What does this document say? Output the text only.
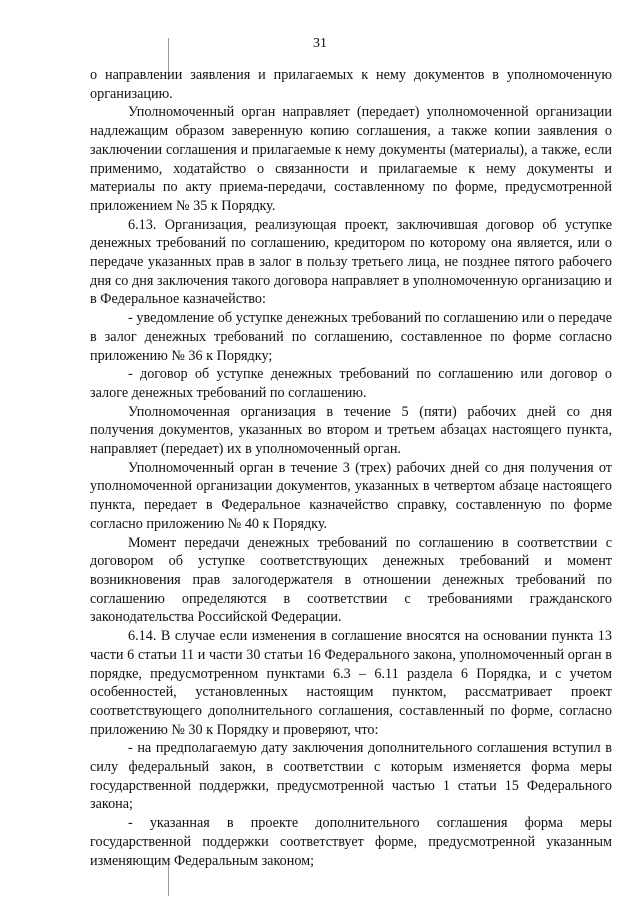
31

о направлении заявления и прилагаемых к нему документов в уполномоченную организацию.

Уполномоченный орган направляет (передает) уполномоченной организации надлежащим образом заверенную копию соглашения, а также копии заявления о заключении соглашения и прилагаемые к нему документы (материалы), а также, если применимо, ходатайство о связанности и прилагаемые к нему документы и материалы по акту приема-передачи, составленному по форме, предусмотренной приложением № 35 к Порядку.

6.13. Организация, реализующая проект, заключившая договор об уступке денежных требований по соглашению, кредитором по которому она является, или о передаче указанных прав в залог в пользу третьего лица, не позднее пятого рабочего дня со дня заключения такого договора направляет в уполномоченную организацию и в Федеральное казначейство:

- уведомление об уступке денежных требований по соглашению или о передаче в залог денежных требований по соглашению, составленное по форме согласно приложению № 36 к Порядку;

- договор об уступке денежных требований по соглашению или договор о залоге денежных требований по соглашению.

Уполномоченная организация в течение 5 (пяти) рабочих дней со дня получения документов, указанных во втором и третьем абзацах настоящего пункта, направляет (передает) их в уполномоченный орган.

Уполномоченный орган в течение 3 (трех) рабочих дней со дня получения от уполномоченной организации документов, указанных в четвертом абзаце настоящего пункта, передает в Федеральное казначейство справку, составленную по форме согласно приложению № 40 к Порядку.

Момент передачи денежных требований по соглашению в соответствии с договором об уступке соответствующих денежных требований и момент возникновения прав залогодержателя в отношении денежных требований по соглашению определяются в соответствии с требованиями гражданского законодательства Российской Федерации.

6.14. В случае если изменения в соглашение вносятся на основании пункта 13 части 6 статьи 11 и части 30 статьи 16 Федерального закона, уполномоченный орган в порядке, предусмотренном пунктами 6.3 – 6.11 раздела 6 Порядка, и с учетом особенностей, установленных настоящим пунктом, рассматривает проект соответствующего дополнительного соглашения, составленный по форме, согласно приложению № 30 к Порядку и проверяют, что:

- на предполагаемую дату заключения дополнительного соглашения вступил в силу федеральный закон, в соответствии с которым изменяется форма меры государственной поддержки, предусмотренной частью 1 статьи 15 Федерального закона;

- указанная в проекте дополнительного соглашения форма меры государственной поддержки соответствует форме, предусмотренной указанным изменяющим Федеральным законом;
